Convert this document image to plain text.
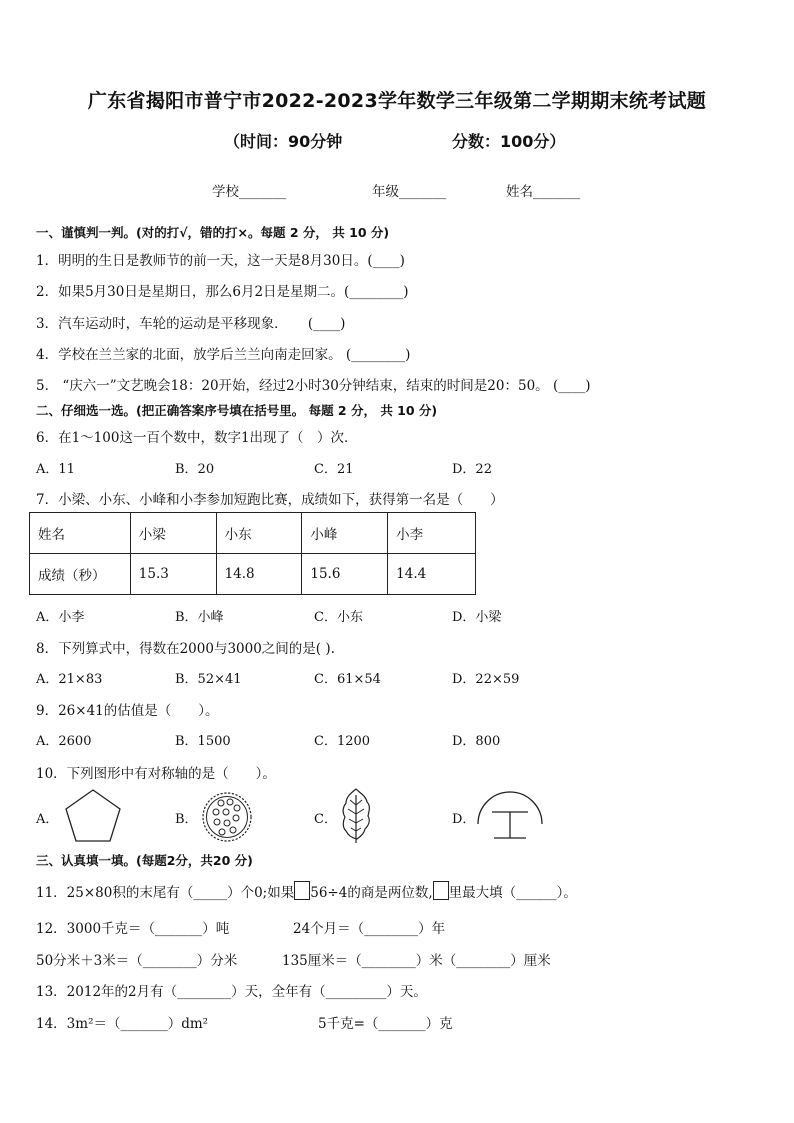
广东省揭阳市普宁市2022-2023学年数学三年级第二学期期末统考试题
（时间：90分钟	分数：100分）
学校_______	年级_______	姓名_______
一、谨慎判一判。(对的打√，错的打×。每题 2 分， 共 10 分)
1．明明的生日是教师节的前一天，这一天是8月30日。(____)
2．如果5月30日是星期日，那么6月2日是星期二。(________)
3．汽车运动时，车轮的运动是平移现象．　　(____)
4．学校在兰兰家的北面，放学后兰兰向南走回家。 (________)
5． “庆六一”文艺晚会18：20开始，经过2小时30分钟结束，结束的时间是20：50。 (____)
二、仔细选一选。(把正确答案序号填在括号里。 每题 2 分， 共 10 分)
6．在1～100这一百个数中，数字1出现了（　）次．
A．11	B．20	C．21	D．22
7．小梁、小东、小峰和小李参加短跑比赛，成绩如下，获得第一名是（　　）
姓名	小梁	小东	小峰	小李
成绩（秒）	15.3	14.8	15.6	14.4
A．小李	B．小峰	C．小东	D．小梁
8．下列算式中，得数在2000与3000之间的是( ).
A．21×83	B．52×41	C．61×54	D．22×59
9．26×41的估值是（　　）。
A．2600	B．1500	C．1200	D．800
10．下列图形中有对称轴的是（　　）。
A．	B．	C．	D．
三、认真填一填。(每题2分，共20 分)
11．25×80积的末尾有（_____）个0;如果 56÷4的商是两位数, 里最大填（______）。
12．3000千克＝（_______）吨	24个月＝（________）年
50分米＋3米＝（________）分米	135厘米＝（________）米（________）厘米
13．2012年的2月有（________）天，全年有（_________）天。
14．3m²＝（_______）dm²	5千克=（_______）克
